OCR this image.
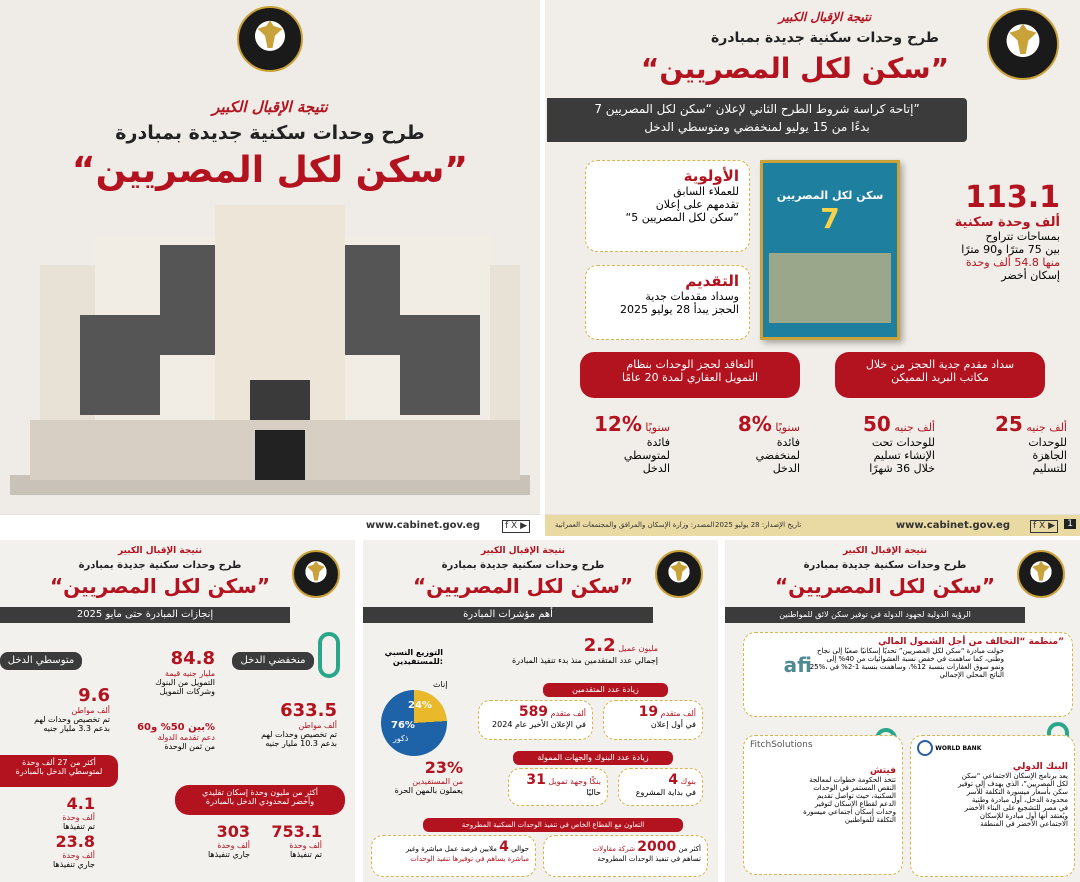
نتيجة الإقبال الكبير
طرح وحدات سكنية جديدة بمبادرة
“سكن لكل المصريين”
www.cabinet.gov.eg	f X ▶
نتيجة الإقبال الكبير
طرح وحدات سكنية جديدة بمبادرة
“سكن لكل المصريين”
إتاحة كراسة شروط الطرح الثاني لإعلان “سكن لكل المصريين 7”
بدءًا من 15 يوليو لمنخفضي ومتوسطي الدخل
الأولوية
للعملاء السابق
تقدمهم على إعلان
“سكن لكل المصريين 5”
التقديم
وسداد مقدمات جدية
الحجز يبدأ 28 يوليو 2025
سكن لكل المصريين
7
113.1
ألف وحدة سكنية
بمساحات تتراوح
بين 75 مترًا و90 مترًا
منها 54.8 ألف وحدة
إسكان أخضر
التعاقد لحجز الوحدات بنظام
التمويل العقاري لمدة 20 عامًا
سداد مقدم جدية الحجز من خلال
مكاتب البريد المميكن
25 ألف جنيه
للوحدات
الجاهزة
للتسليم
50 ألف جنيه
للوحدات تحت
الإنشاء تسليم
خلال 36 شهرًا
8% سنويًا
فائدة
لمنخفضي
الدخل
12% سنويًا
فائدة
لمتوسطي
الدخل
المصدر: وزارة الإسكان والمرافق والمجتمعات العمرانية تاريخ الإصدار: 28 يوليو 2025	www.cabinet.gov.eg	f X ▶	1
نتيجة الإقبال الكبير
طرح وحدات سكنية جديدة بمبادرة
“سكن لكل المصريين”
إنجازات المبادرة حتى مايو 2025
متوسطي الدخل	منخفضي الدخل
84.8
مليار جنيه قيمة
التمويل من البنوك
وشركات التمويل
9.6
ألف مواطن
تم تخصيص وحدات لهم
بدعم 3.3 مليار جنيه
633.5
ألف مواطن
تم تخصيص وحدات لهم
بدعم 10.3 مليار جنيه
بين 50% و60%
دعم تقدمه الدولة
من ثمن الوحدة
أكثر من 27 ألف وحدة
لمتوسطي الدخل بالمبادرة
أكثر من مليون وحدة إسكان تقليدي
وأخضر لمحدودي الدخل بالمبادرة
4.1
ألف وحدة
تم تنفيذها
23.8
ألف وحدة
جاري تنفيذها
303
ألف وحدة
جاري تنفيذها
753.1
ألف وحدة
تم تنفيذها
نتيجة الإقبال الكبير
طرح وحدات سكنية جديدة بمبادرة
“سكن لكل المصريين”
أهم مؤشرات المبادرة
التوزيع النسبي للمستفيدين:
إناث
24%
76%
ذكور
2.2 مليون عميل
إجمالي عدد المتقدمين منذ بدء تنفيذ المبادرة
زيادة عدد المتقدمين
589 ألف متقدم
في الإعلان الأخير عام 2024
19 ألف متقدم
في أول إعلان
23%
من المستفيدين
يعملون بالمهن الحرة
زيادة عدد البنوك والجهات الممولة
31 بنكًا وجهة تمويل
حاليًا
4 بنوك
في بداية المشروع
التعاون مع القطاع الخاص في تنفيذ الوحدات السكنية المطروحة
حوالي 4 ملايين فرصة عمل مباشرة وغير
مباشرة يساهم في توفيرها تنفيذ الوحدات
أكثر من 2000 شركة مقاولات
تساهم في تنفيذ الوحدات المطروحة
نتيجة الإقبال الكبير
طرح وحدات سكنية جديدة بمبادرة
“سكن لكل المصريين”
الرؤية الدولية لجهود الدولة في توفير سكن لائق للمواطنين
منظمة “التحالف من أجل الشمول المالي”
حولت مبادرة “سكن لكل المصريين” تحديًا إسكانيًا صعبًا إلى نجاح
وطني، كما ساهمت في خفض نسبة العشوائيات من 40% إلى
25%، ونمو سوق العقارات بنسبة 12%، وساهمت بنسبة 1-2% في
الناتج المحلي الإجمالي
afi
FitchSolutions
فيتش
تتخذ الحكومة خطوات لمعالجة
النقص المستمر في الوحدات
السكنية، حيث تواصل تقديم
الدعم لقطاع الإسكان لتوفير
وحدات إسكان اجتماعي ميسورة
التكلفة للمواطنين
WORLD BANK
البنك الدولي
يعد برنامج الإسكان الاجتماعي “سكن
لكل المصريين”، الذي يهدف إلى توفير
سكن بأسعار ميسورة التكلفة للأسر
محدودة الدخل، أول مبادرة وطنية
في مصر للتشجيع على البناء الأخضر
ويُعتقد أنها أول مبادرة للإسكان
الاجتماعي الأخضر في المنطقة
